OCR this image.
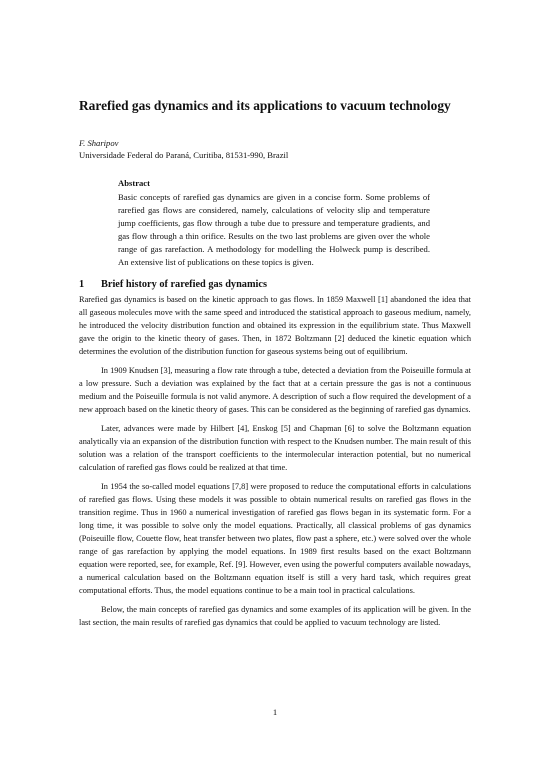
Rarefied gas dynamics and its applications to vacuum technology

F. Sharipov

Universidade Federal do Paraná, Curitiba, 81531-990, Brazil

Abstract

Basic concepts of rarefied gas dynamics are given in a concise form. Some problems of rarefied gas flows are considered, namely, calculations of velocity slip and temperature jump coefficients, gas flow through a tube due to pressure and temperature gradients, and gas flow through a thin orifice. Results on the two last problems are given over the whole range of gas rarefaction. A methodology for modelling the Holweck pump is described. An extensive list of publications on these topics is given.

1 Brief history of rarefied gas dynamics

Rarefied gas dynamics is based on the kinetic approach to gas flows. In 1859 Maxwell [1] abandoned the idea that all gaseous molecules move with the same speed and introduced the statistical approach to gaseous medium, namely, he introduced the velocity distribution function and obtained its expression in the equilibrium state. Thus Maxwell gave the origin to the kinetic theory of gases. Then, in 1872 Boltzmann [2] deduced the kinetic equation which determines the evolution of the distribution function for gaseous systems being out of equilibrium.

In 1909 Knudsen [3], measuring a flow rate through a tube, detected a deviation from the Poiseuille formula at a low pressure. Such a deviation was explained by the fact that at a certain pressure the gas is not a continuous medium and the Poiseuille formula is not valid anymore. A description of such a flow required the development of a new approach based on the kinetic theory of gases. This can be considered as the beginning of rarefied gas dynamics.

Later, advances were made by Hilbert [4], Enskog [5] and Chapman [6] to solve the Boltzmann equation analytically via an expansion of the distribution function with respect to the Knudsen number. The main result of this solution was a relation of the transport coefficients to the intermolecular interaction potential, but no numerical calculation of rarefied gas flows could be realized at that time.

In 1954 the so-called model equations [7,8] were proposed to reduce the computational efforts in calculations of rarefied gas flows. Using these models it was possible to obtain numerical results on rarefied gas flows in the transition regime. Thus in 1960 a numerical investigation of rarefied gas flows began in its systematic form. For a long time, it was possible to solve only the model equations. Practically, all classical problems of gas dynamics (Poiseuille flow, Couette flow, heat transfer between two plates, flow past a sphere, etc.) were solved over the whole range of gas rarefaction by applying the model equations. In 1989 first results based on the exact Boltzmann equation were reported, see, for example, Ref. [9]. However, even using the powerful computers available nowadays, a numerical calculation based on the Boltzmann equation itself is still a very hard task, which requires great computational efforts. Thus, the model equations continue to be a main tool in practical calculations.

Below, the main concepts of rarefied gas dynamics and some examples of its application will be given. In the last section, the main results of rarefied gas dynamics that could be applied to vacuum technology are listed.

1
